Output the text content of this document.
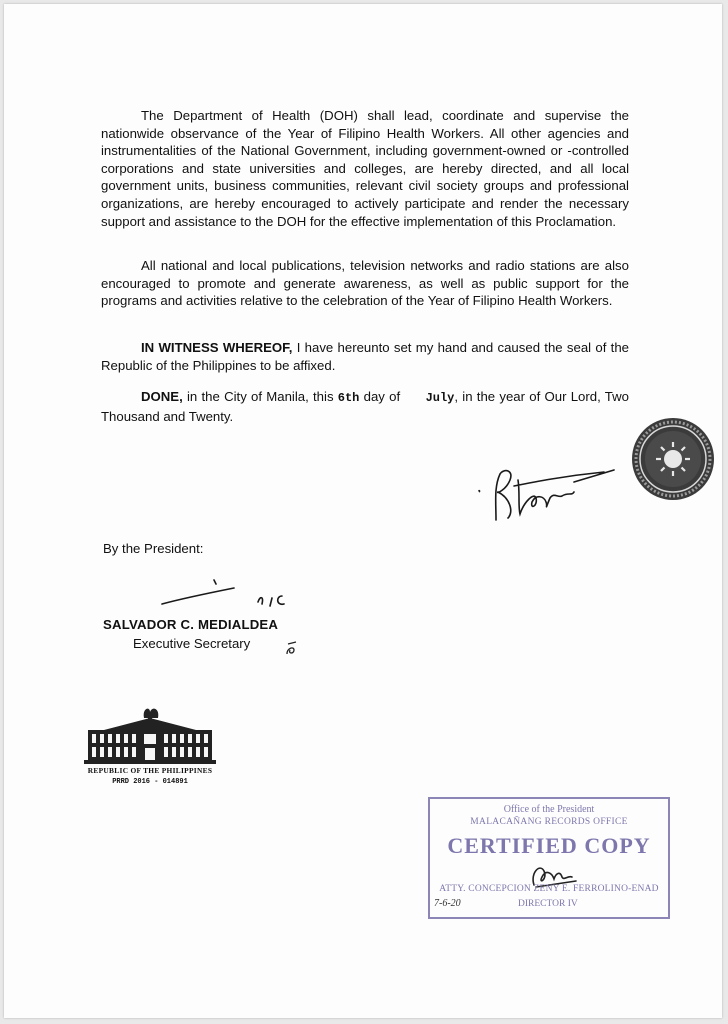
The Department of Health (DOH) shall lead, coordinate and supervise the nationwide observance of the Year of Filipino Health Workers. All other agencies and instrumentalities of the National Government, including government-owned or -controlled corporations and state universities and colleges, are hereby directed, and all local government units, business communities, relevant civil society groups and professional organizations, are hereby encouraged to actively participate and render the necessary support and assistance to the DOH for the effective implementation of this Proclamation.

All national and local publications, television networks and radio stations are also encouraged to promote and generate awareness, as well as public support for the programs and activities relative to the celebration of the Year of Filipino Health Workers.

IN WITNESS WHEREOF, I have hereunto set my hand and caused the seal of the Republic of the Philippines to be affixed.

DONE, in the City of Manila, this 6th day of      July, in the year of Our Lord, Two Thousand and Twenty.

By the President:
SALVADOR C. MEDIALDEA
Executive Secretary
REPUBLIC OF THE PHILIPPINES
PRRD 2016 - 014891
Office of the President
MALACAÑANG RECORDS OFFICE
CERTIFIED COPY
ATTY. CONCEPCION ZENY E. FERROLINO-ENAD
DIRECTOR IV
7-6-20
